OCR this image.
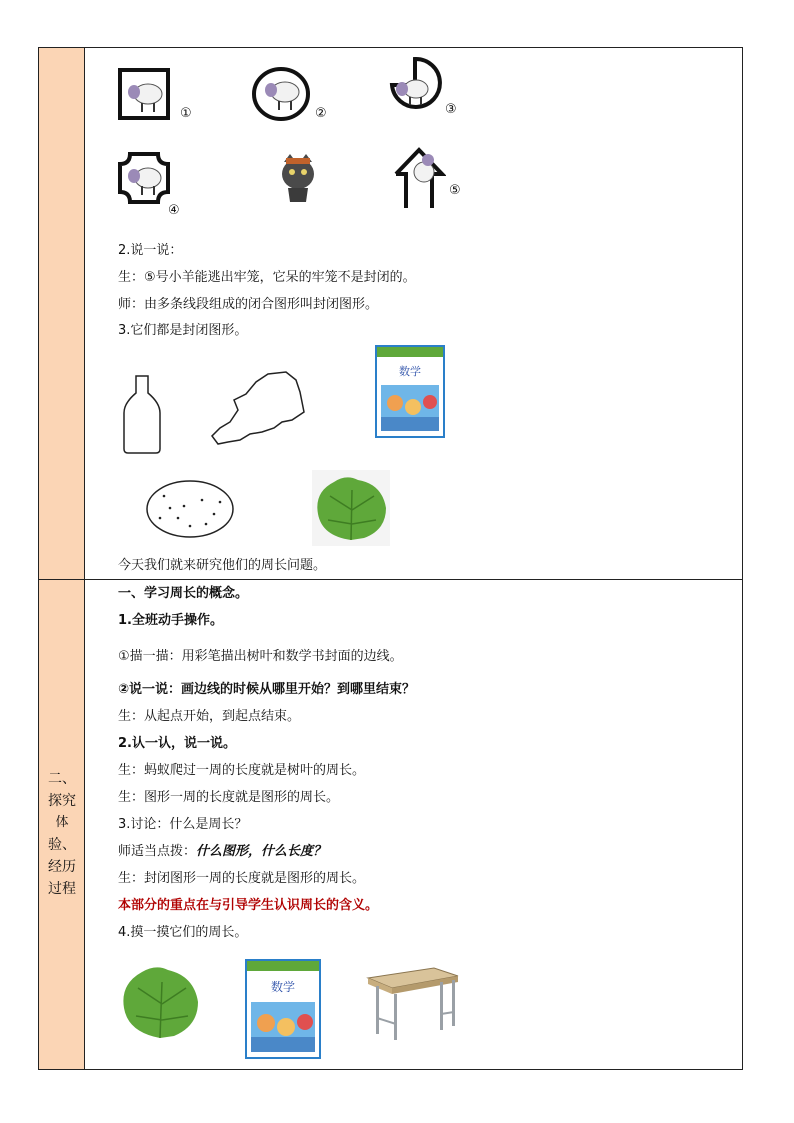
二、
探究
体
验、
经历
过程
①	②	③
④
⑤
2.说一说：
生：⑤号小羊能逃出牢笼，它呆的牢笼不是封闭的。
师：由多条线段组成的闭合图形叫封闭图形。
3.它们都是封闭图形。
数学
今天我们就来研究他们的周长问题。
一、学习周长的概念。
1.全班动手操作。
①描一描：用彩笔描出树叶和数学书封面的边线。
②说一说：画边线的时候从哪里开始？到哪里结束？
生：从起点开始，到起点结束。
2.认一认，说一说。
生：蚂蚁爬过一周的长度就是树叶的周长。
生：图形一周的长度就是图形的周长。
3.讨论：什么是周长？
师适当点拨：什么图形，什么长度？
生：封闭图形一周的长度就是图形的周长。
本部分的重点在与引导学生认识周长的含义。
4.摸一摸它们的周长。
数学
